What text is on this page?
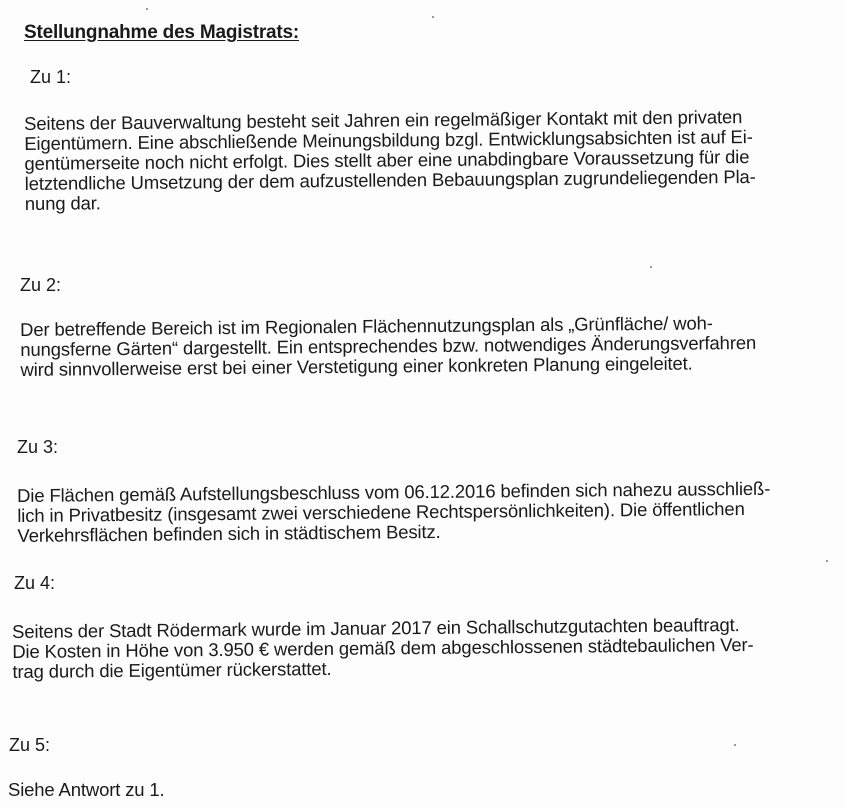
Stellungnahme des Magistrats:
Zu 1:
Seitens der Bauverwaltung besteht seit Jahren ein regelmäßiger Kontakt mit den privaten
Eigentümern. Eine abschließende Meinungsbildung bzgl. Entwicklungsabsichten ist auf Ei-
gentümerseite noch nicht erfolgt. Dies stellt aber eine unabdingbare Voraussetzung für die
letztendliche Umsetzung der dem aufzustellenden Bebauungsplan zugrundeliegenden Pla-
nung dar.
Zu 2:
Der betreffende Bereich ist im Regionalen Flächennutzungsplan als „Grünfläche/ woh-
nungsferne Gärten“ dargestellt. Ein entsprechendes bzw. notwendiges Änderungsverfahren
wird sinnvollerweise erst bei einer Verstetigung einer konkreten Planung eingeleitet.
Zu 3:
Die Flächen gemäß Aufstellungsbeschluss vom 06.12.2016 befinden sich nahezu ausschließ-
lich in Privatbesitz (insgesamt zwei verschiedene Rechtspersönlichkeiten). Die öffentlichen
Verkehrsflächen befinden sich in städtischem Besitz.
Zu 4:
Seitens der Stadt Rödermark wurde im Januar 2017 ein Schallschutzgutachten beauftragt.
Die Kosten in Höhe von 3.950 € werden gemäß dem abgeschlossenen städtebaulichen Ver-
trag durch die Eigentümer rückerstattet.
Zu 5:
Siehe Antwort zu 1.
